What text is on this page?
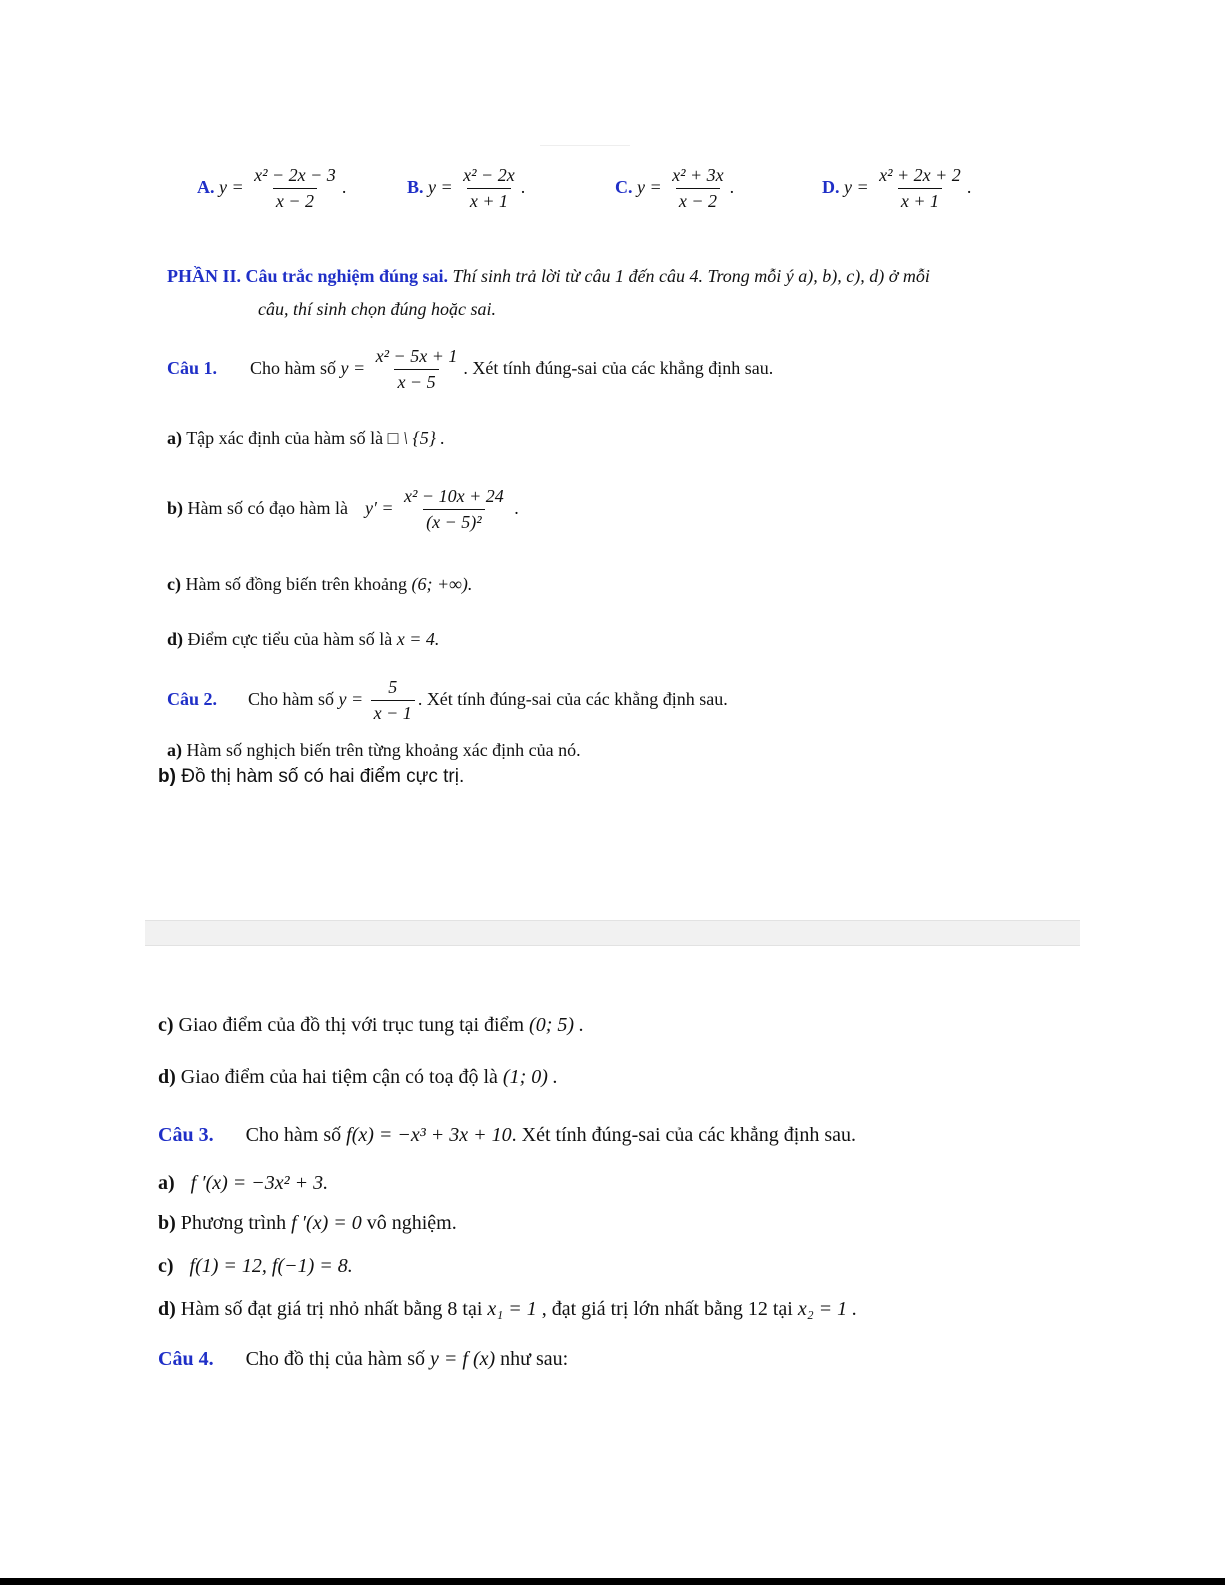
A. $y = \frac{\text{x² − 2x − 3}}{x - 2}$ .	B. $y = \frac{\text{x² − 2x}}{x + 1}$ .	C. $y = \frac{\text{x² + 3x}}{x - 2}$ .	D. $y = \frac{\text{x² + 2x + 2}}{x + 1}$ .
PHẦN II. Câu trắc nghiệm đúng sai. Thí sinh trả lời từ câu 1 đến câu 4. Trong mỗi ý a), b), c), d) ở mỗi
câu, thí sinh chọn đúng hoặc sai.
Câu 1. Cho hàm số $y = \frac{\text{x² − 5x + 1}}{x - 5}$ . Xét tính đúng-sai của các khẳng định sau.
a) Tập xác định của hàm số là □ \ {5} .
b) Hàm số có đạo hàm là $y' = \frac{\text{x² − 10x + 24}}{\text{(x − 5)²}}$ .
c) Hàm số đồng biến trên khoảng (6; +∞).
d) Điểm cực tiểu của hàm số là x = 4.
Câu 2. Cho hàm số $y = \frac{5}{x - 1}$ . Xét tính đúng-sai của các khẳng định sau.
a) Hàm số nghịch biến trên từng khoảng xác định của nó.
b) Đồ thị hàm số có hai điểm cực trị.
c) Giao điểm của đồ thị với trục tung tại điểm (0; 5) .
d) Giao điểm của hai tiệm cận có toạ độ là (1; 0) .
Câu 3. Cho hàm số f(x) = −x³ + 3x + 10. Xét tính đúng-sai của các khẳng định sau.
a) f ′(x) = −3x² + 3.
b) Phương trình f ′(x) = 0 vô nghiệm.
c) f(1) = 12, f(−1) = 8.
d) Hàm số đạt giá trị nhỏ nhất bằng 8 tại x₁ = 1 , đạt giá trị lớn nhất bằng 12 tại x₂ = 1 .
Câu 4. Cho đồ thị của hàm số y = f (x) như sau:
